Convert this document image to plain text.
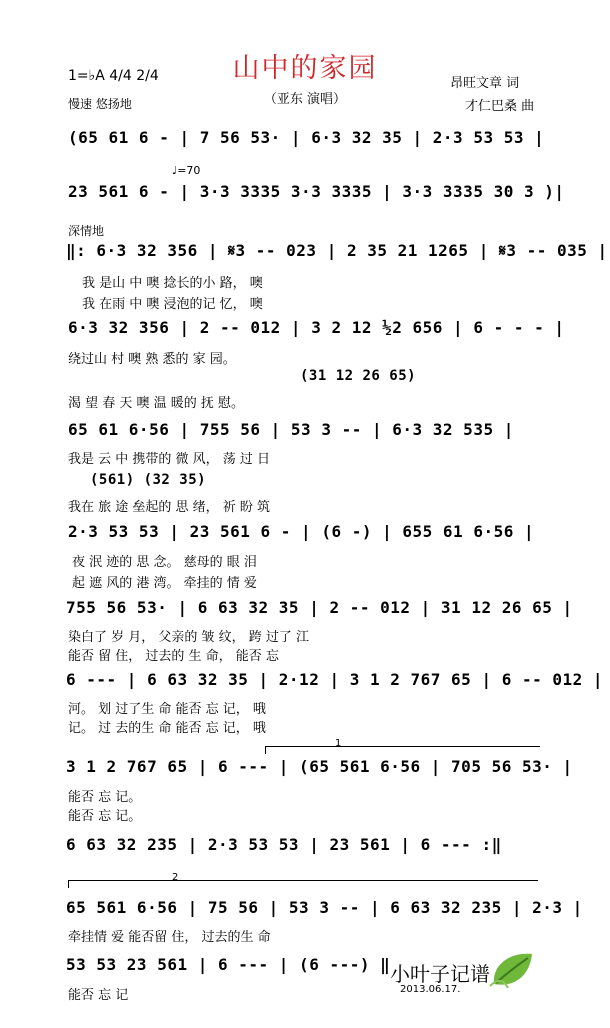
山中的家园
（亚东 演唱）
1=♭A 4/4 2/4
慢速 悠扬地
昂旺文章 词
才仁巴桑 曲
♩=70
深情地
(65 61 6 - | 7 56 53· | 6·3 32 35 | 2·3 53 53 |
23 561 6 - | 3·3 3335 3·3 3335 | 3·3 3335 30 3 )|
‖: 6·3 32 356 | 𝄋3 -- 023 | 2 35 21 1265 | 𝄋3 -- 035 |
我 是山 中 噢 捻长的小 路， 噢
我 在雨 中 噢 浸泡的记 忆， 噢
6·3 32 356 | 2 -- 012 | 3 2 12 ½2 656 | 6 - - - |
绕过山 村 噢 熟 悉的 家 园。
(31 12 26 65)
渴 望 春 天 噢 温 暖的 抚 慰。
65 61 6·56 | 755 56 | 53 3 -- | 6·3 32 535 |
我是 云 中 携带的 微 风， 荡 过 日
(561) (32 35)
我在 旅 途 垒起的 思 绪， 祈 盼 筑
2·3 53 53 | 23 561 6 - | (6 -) | 655 61 6·56 |
夜 泯 迹的 思 念。 慈母的 眼 泪
起 遮 风的 港 湾。 牵挂的 情 爱
755 56 53· | 6 63 32 35 | 2 -- 012 | 31 12 26 65 |
染白了 岁 月， 父亲的 皱 纹， 跨 过了 江
能否 留 住， 过去的 生 命， 能否 忘
6 --- | 6 63 32 35 | 2·12 | 3 1 2 767 65 | 6 -- 012 |
河。 划 过了生 命 能否 忘 记， 哦
记。 过 去的生 命 能否 忘 记， 哦
1
3 1 2 767 65 | 6 --- | (65 561 6·56 | 705 56 53· |
能否 忘 记。
能否 忘 记。
6 63 32 235 | 2·3 53 53 | 23 561 | 6 --- :‖
2
65 561 6·56 | 75 56 | 53 3 -- | 6 63 32 235 | 2·3 |
牵挂情 爱 能否留 住， 过去的生 命
53 53 23 561 | 6 --- | (6 ---) ‖
能否 忘 记
小叶子记谱
2013.06.17.
